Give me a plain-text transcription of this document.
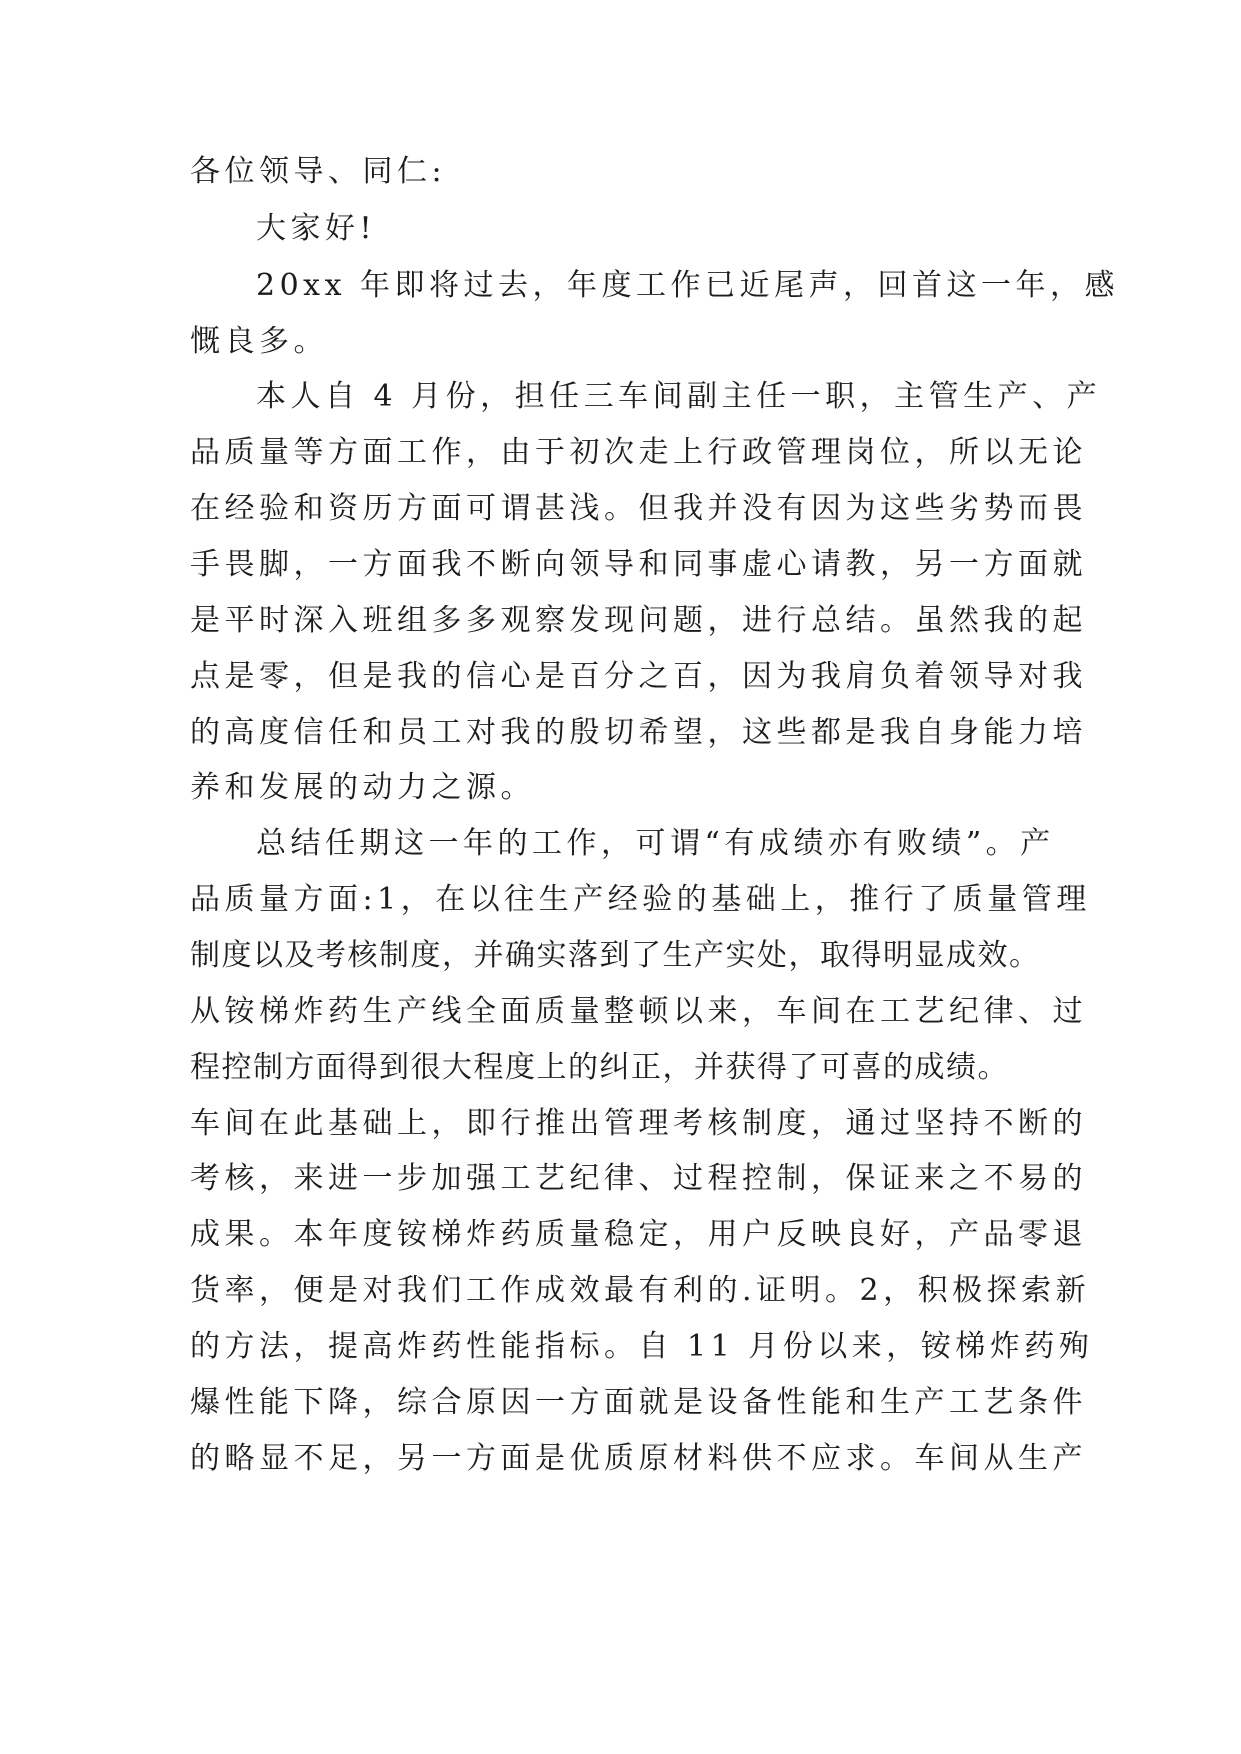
各位领导、同仁:
大家好!
20xx 年即将过去，年度工作已近尾声，回首这一年，感
慨良多。
本人自 4 月份，担任三车间副主任一职，主管生产、产
品质量等方面工作，由于初次走上行政管理岗位，所以无论
在经验和资历方面可谓甚浅。但我并没有因为这些劣势而畏
手畏脚，一方面我不断向领导和同事虚心请教，另一方面就
是平时深入班组多多观察发现问题，进行总结。虽然我的起
点是零，但是我的信心是百分之百，因为我肩负着领导对我
的高度信任和员工对我的殷切希望，这些都是我自身能力培
养和发展的动力之源。
总结任期这一年的工作，可谓“有成绩亦有败绩”。产
品质量方面:1，在以往生产经验的基础上，推行了质量管理
制度以及考核制度，并确实落到了生产实处，取得明显成效。
从铵梯炸药生产线全面质量整顿以来，车间在工艺纪律、过
程控制方面得到很大程度上的纠正，并获得了可喜的成绩。
车间在此基础上，即行推出管理考核制度，通过坚持不断的
考核，来进一步加强工艺纪律、过程控制，保证来之不易的
成果。本年度铵梯炸药质量稳定，用户反映良好，产品零退
货率，便是对我们工作成效最有利的.证明。2，积极探索新
的方法，提高炸药性能指标。自 11 月份以来，铵梯炸药殉
爆性能下降，综合原因一方面就是设备性能和生产工艺条件
的略显不足，另一方面是优质原材料供不应求。车间从生产
